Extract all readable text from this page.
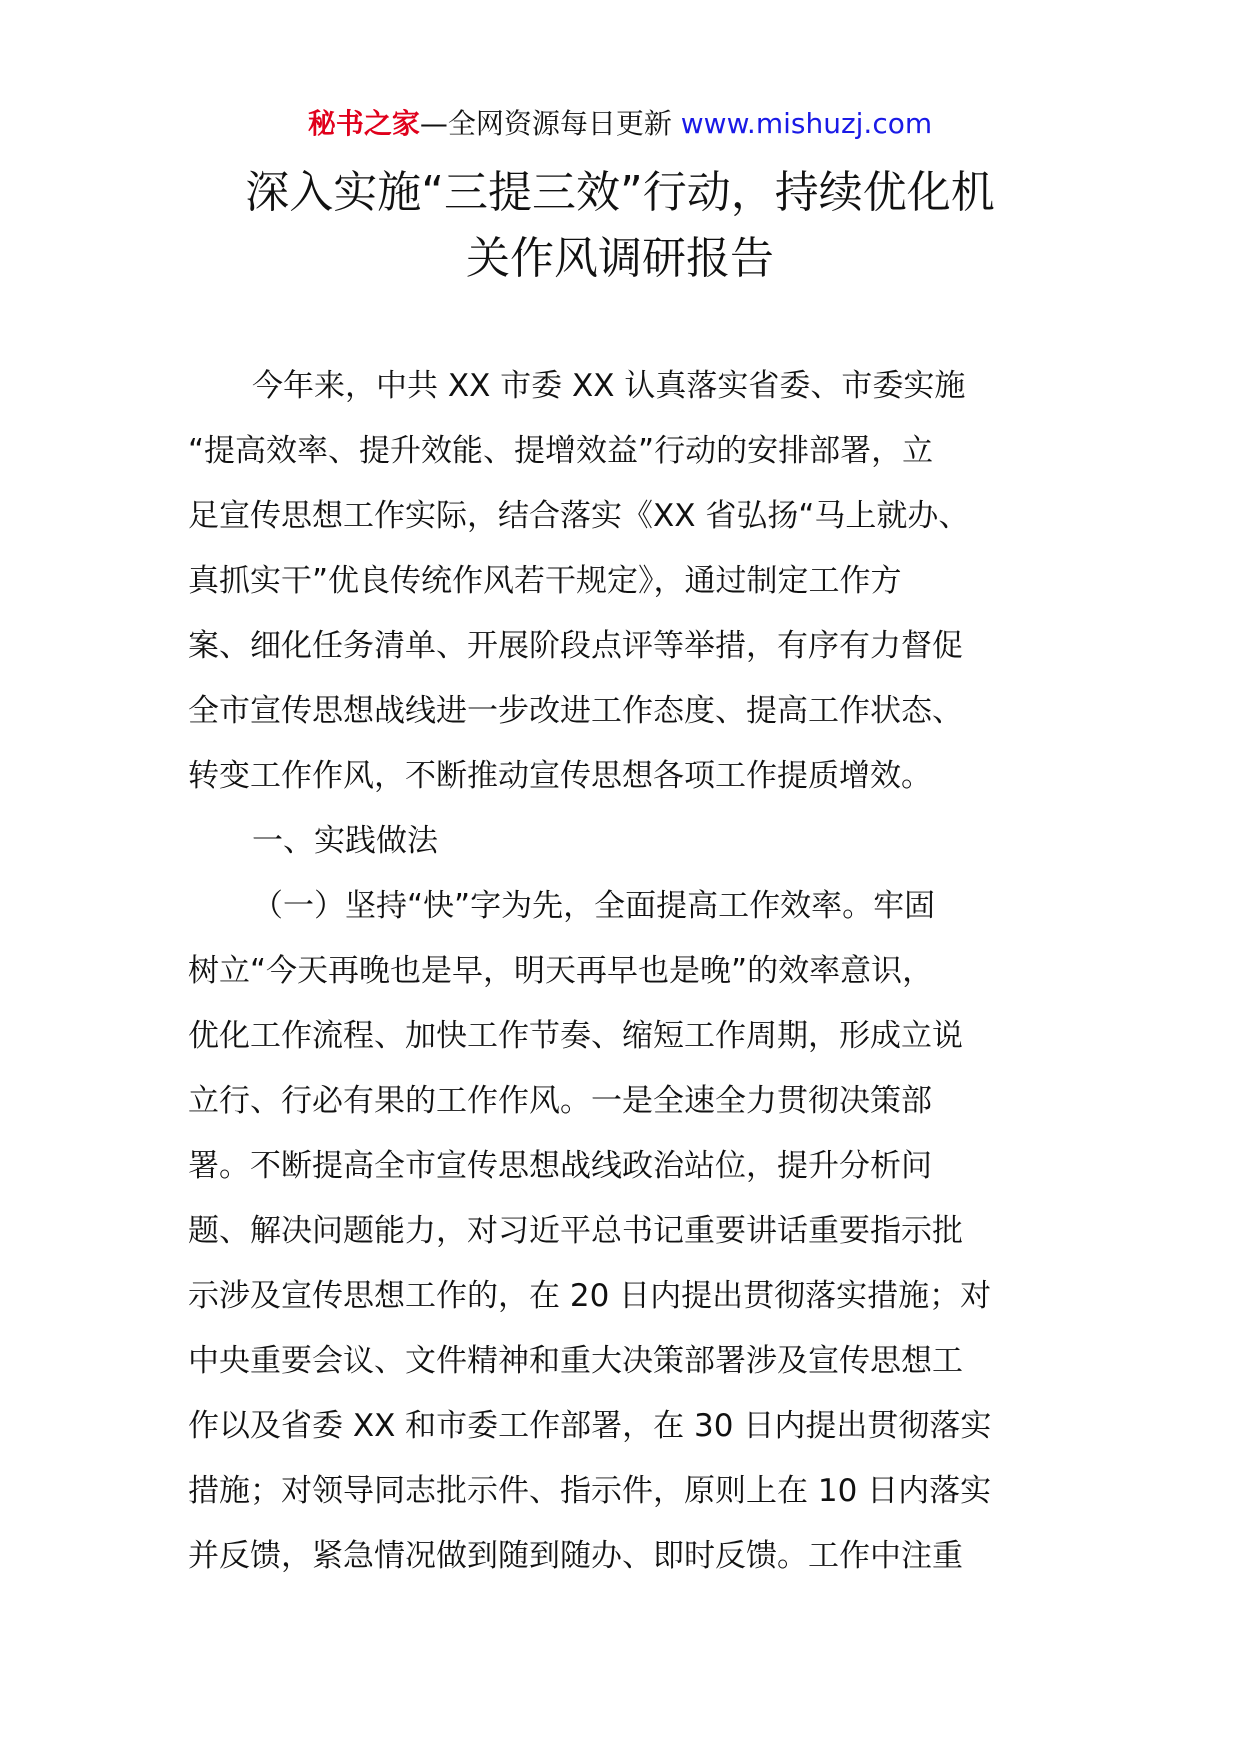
秘书之家—全网资源每日更新 www.mishuzj.com
深入实施“三提三效”行动，持续优化机
关作风调研报告
今年来，中共 XX 市委 XX 认真落实省委、市委实施
“提高效率、提升效能、提增效益”行动的安排部署，立
足宣传思想工作实际，结合落实《XX 省弘扬“马上就办、
真抓实干”优良传统作风若干规定》，通过制定工作方
案、细化任务清单、开展阶段点评等举措，有序有力督促
全市宣传思想战线进一步改进工作态度、提高工作状态、
转变工作作风，不断推动宣传思想各项工作提质增效。
一、实践做法
（一）坚持“快”字为先，全面提高工作效率。牢固
树立“今天再晚也是早，明天再早也是晚”的效率意识，
优化工作流程、加快工作节奏、缩短工作周期，形成立说
立行、行必有果的工作作风。一是全速全力贯彻决策部
署。不断提高全市宣传思想战线政治站位，提升分析问
题、解决问题能力，对习近平总书记重要讲话重要指示批
示涉及宣传思想工作的，在 20 日内提出贯彻落实措施；对
中央重要会议、文件精神和重大决策部署涉及宣传思想工
作以及省委 XX 和市委工作部署，在 30 日内提出贯彻落实
措施；对领导同志批示件、指示件，原则上在 10 日内落实
并反馈，紧急情况做到随到随办、即时反馈。工作中注重
